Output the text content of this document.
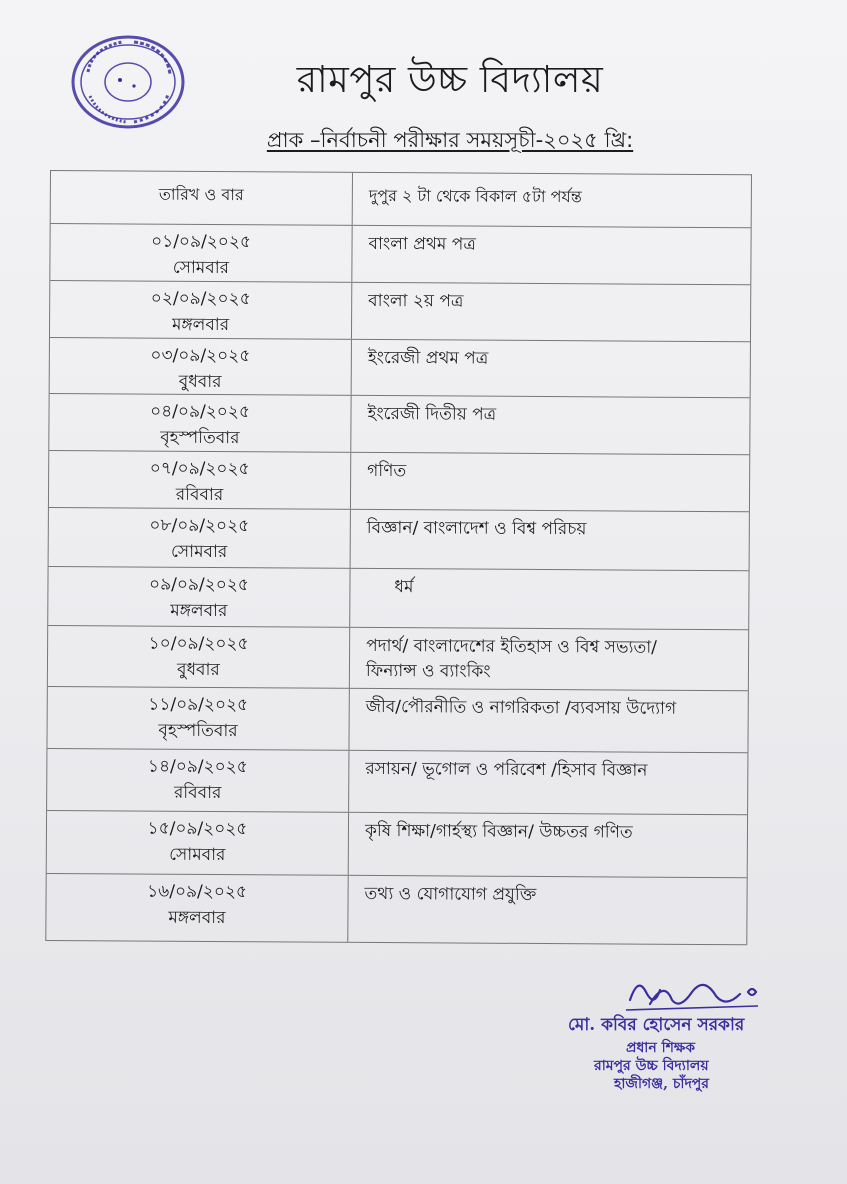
রামপুর উচ্চ বিদ্যালয়
প্রাক –নির্বাচনী পরীক্ষার সময়সূচী-২০২৫ খ্রি:
তারিখ ও বার	দুপুর ২ টা থেকে বিকাল ৫টা পর্যন্ত
০১/০৯/২০২৫
সোমবার
বাংলা প্রথম পত্র
০২/০৯/২০২৫
মঙ্গলবার
বাংলা ২য় পত্র
০৩/০৯/২০২৫
বুধবার
ইংরেজী প্রথম পত্র
০৪/০৯/২০২৫
বৃহস্পতিবার
ইংরেজী দিতীয় পত্র
০৭/০৯/২০২৫
রবিবার
গণিত
০৮/০৯/২০২৫
সোমবার
বিজ্ঞান/ বাংলাদেশ ও বিশ্ব পরিচয়
০৯/০৯/২০২৫
মঙ্গলবার
ধর্ম
১০/০৯/২০২৫
বুধবার
পদার্থ/ বাংলাদেশের ইতিহাস ও বিশ্ব সভ্যতা/
ফিন্যান্স ও ব্যাংকিং
১১/০৯/২০২৫
বৃহস্পতিবার
জীব/পৌরনীতি ও নাগরিকতা /ব্যবসায় উদ্যোগ
১৪/০৯/২০২৫
রবিবার
রসায়ন/ ভূগোল ও পরিবেশ /হিসাব বিজ্ঞান
১৫/০৯/২০২৫
সোমবার
কৃষি শিক্ষা/গার্হস্থ্য বিজ্ঞান/ উচ্চতর গণিত
১৬/০৯/২০২৫
মঙ্গলবার
তথ্য ও যোগাযোগ প্রযুক্তি
মো. কবির হোসেন সরকার
প্রধান শিক্ষক
রামপুর উচ্চ বিদ্যালয়
হাজীগঞ্জ, চাঁদপুর
